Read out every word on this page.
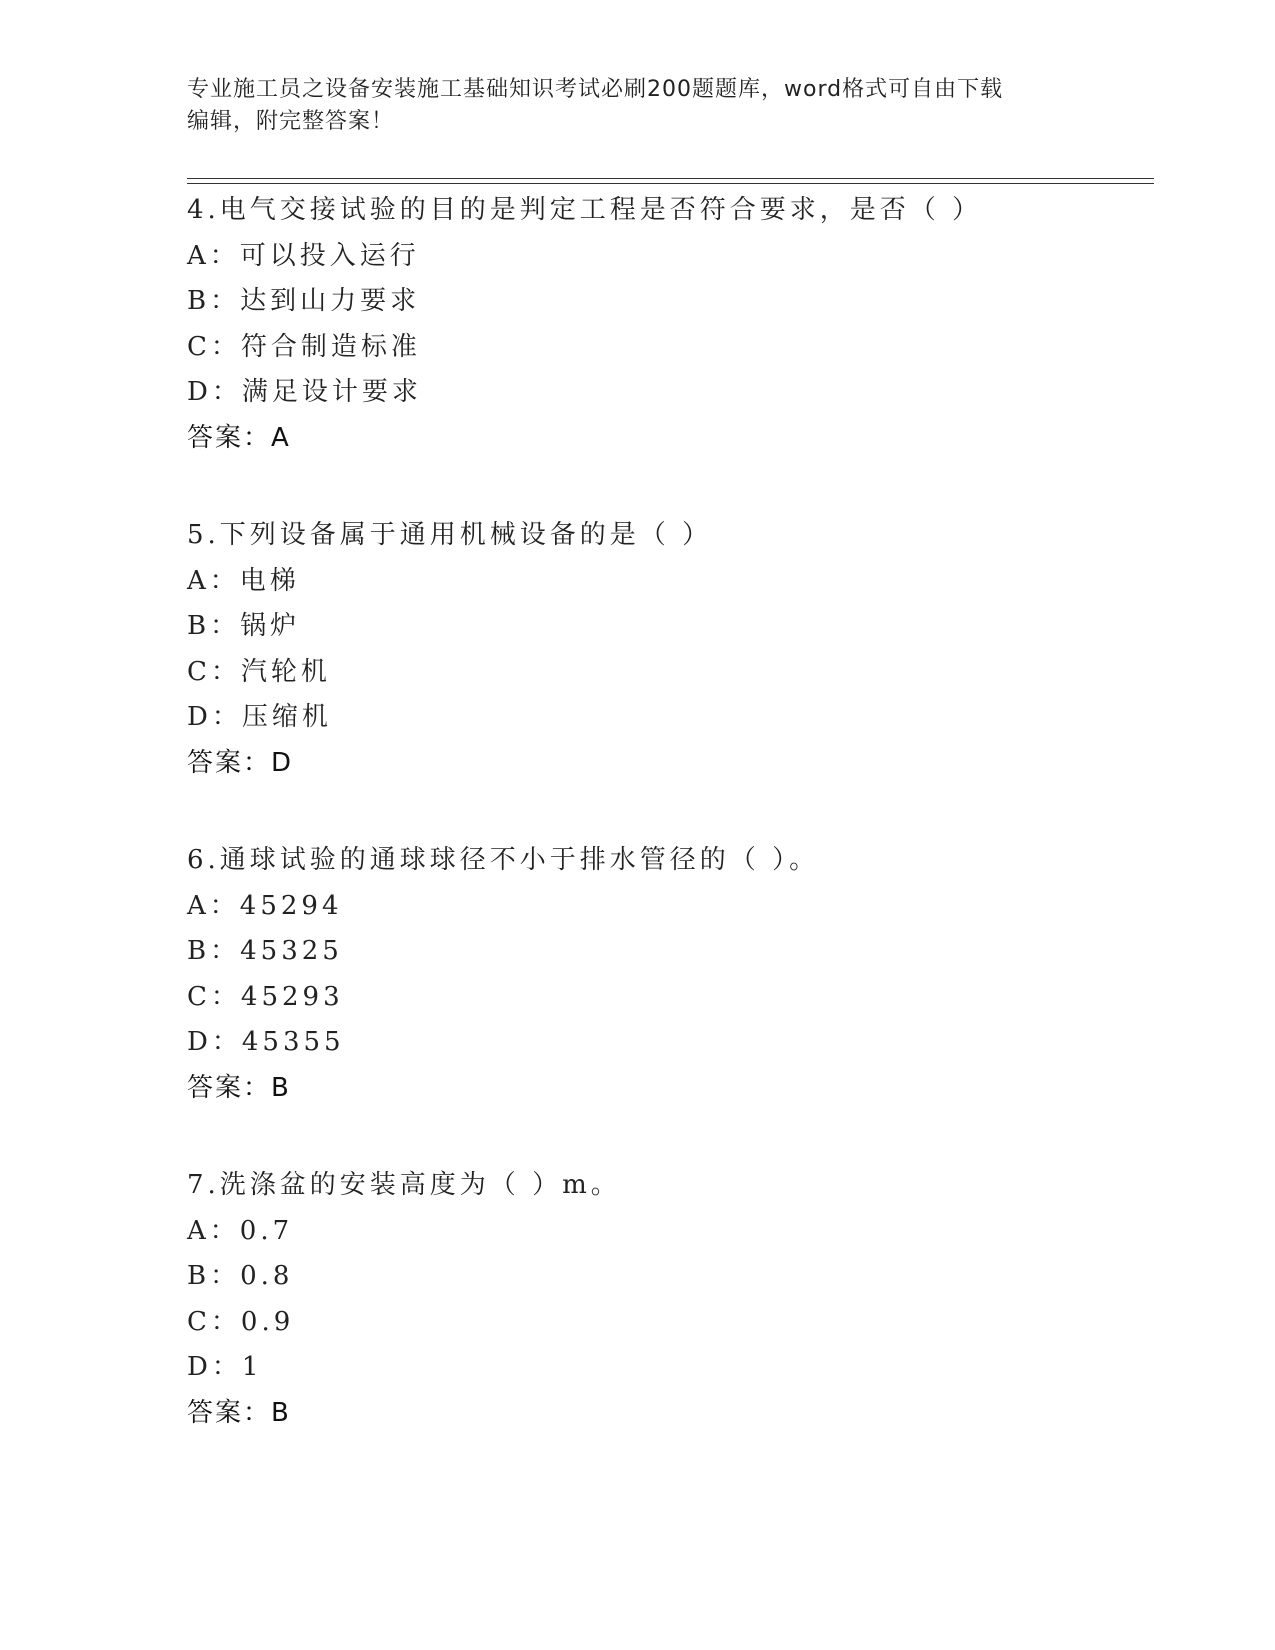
专业施工员之设备安装施工基础知识考试必刷200题题库，word格式可自由下载
编辑，附完整答案！
4.电气交接试验的目的是判定工程是否符合要求，是否（ ）
A：可以投入运行
B：达到山力要求
C：符合制造标准
D：满足设计要求
答案：A
5.下列设备属于通用机械设备的是（ ）
A：电梯
B：锅炉
C：汽轮机
D：压缩机
答案：D
6.通球试验的通球球径不小于排水管径的（ ）。
A：45294
B：45325
C：45293
D：45355
答案：B
7.洗涤盆的安装高度为（ ）m。
A：0.7
B：0.8
C：0.9
D：1
答案：B
